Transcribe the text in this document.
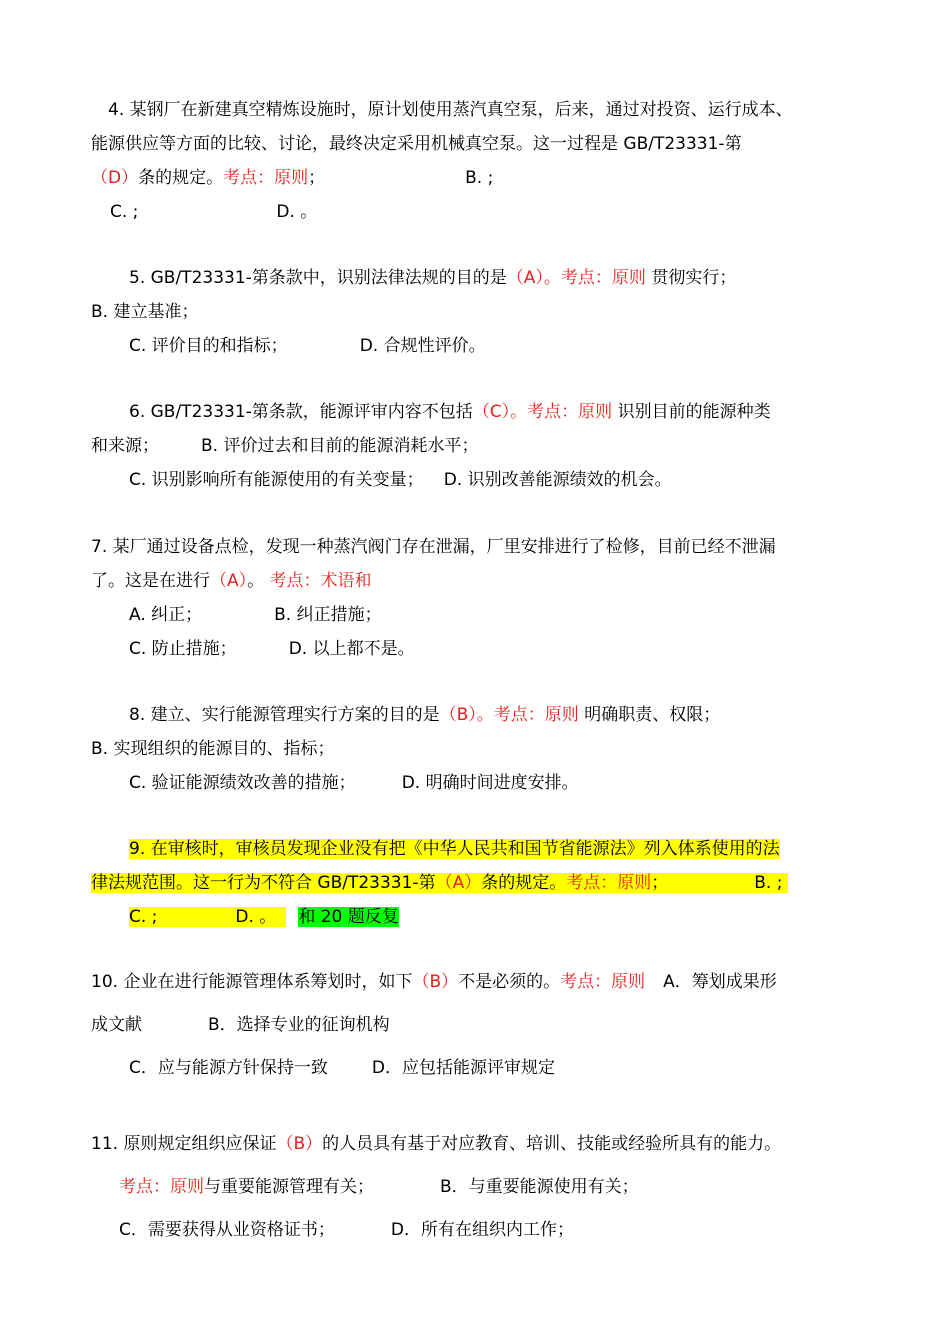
4. 某钢厂在新建真空精炼设施时，原计划使用蒸汽真空泵，后来，通过对投资、运行成本、
能源供应等方面的比较、讨论，最终决定采用机械真空泵。这一过程是 GB/T23331-第
（D）条的规定。考点：原则；	B. ;
C. ;	D. 。
5. GB/T23331-第条款中，识别法律法规的目的是（A）。考点：原则 贯彻实行；
B. 建立基准；
C. 评价目的和指标；	D. 合规性评价。
6. GB/T23331-第条款，能源评审内容不包括（C）。考点：原则 识别目前的能源种类
和来源； B. 评价过去和目前的能源消耗水平；
C. 识别影响所有能源使用的有关变量； D. 识别改善能源绩效的机会。
7. 某厂通过设备点检，发现一种蒸汽阀门存在泄漏，厂里安排进行了检修，目前已经不泄漏
了。这是在进行（A）。 考点：术语和
A. 纠正；	B. 纠正措施；
C. 防止措施；	D. 以上都不是。
8. 建立、实行能源管理实行方案的目的是（B）。考点：原则 明确职责、权限；
B. 实现组织的能源目的、指标；
C. 验证能源绩效改善的措施；	D. 明确时间进度安排。
9. 在审核时，审核员发现企业没有把《中华人民共和国节省能源法》列入体系使用的法
律法规范围。这一行为不符合 GB/T23331-第（A）条的规定。考点：原则；	B. ;
C. ;	D. 。 和 20 题反复
10. 企业在进行能源管理体系筹划时，如下（B）不是必须的。考点：原则 A．筹划成果形
成文献	B．选择专业的征询机构
C．应与能源方针保持一致	D．应包括能源评审规定
11. 原则规定组织应保证（B）的人员具有基于对应教育、培训、技能或经验所具有的能力。
考点：原则与重要能源管理有关；	B．与重要能源使用有关；
C．需要获得从业资格证书；	D．所有在组织内工作；
